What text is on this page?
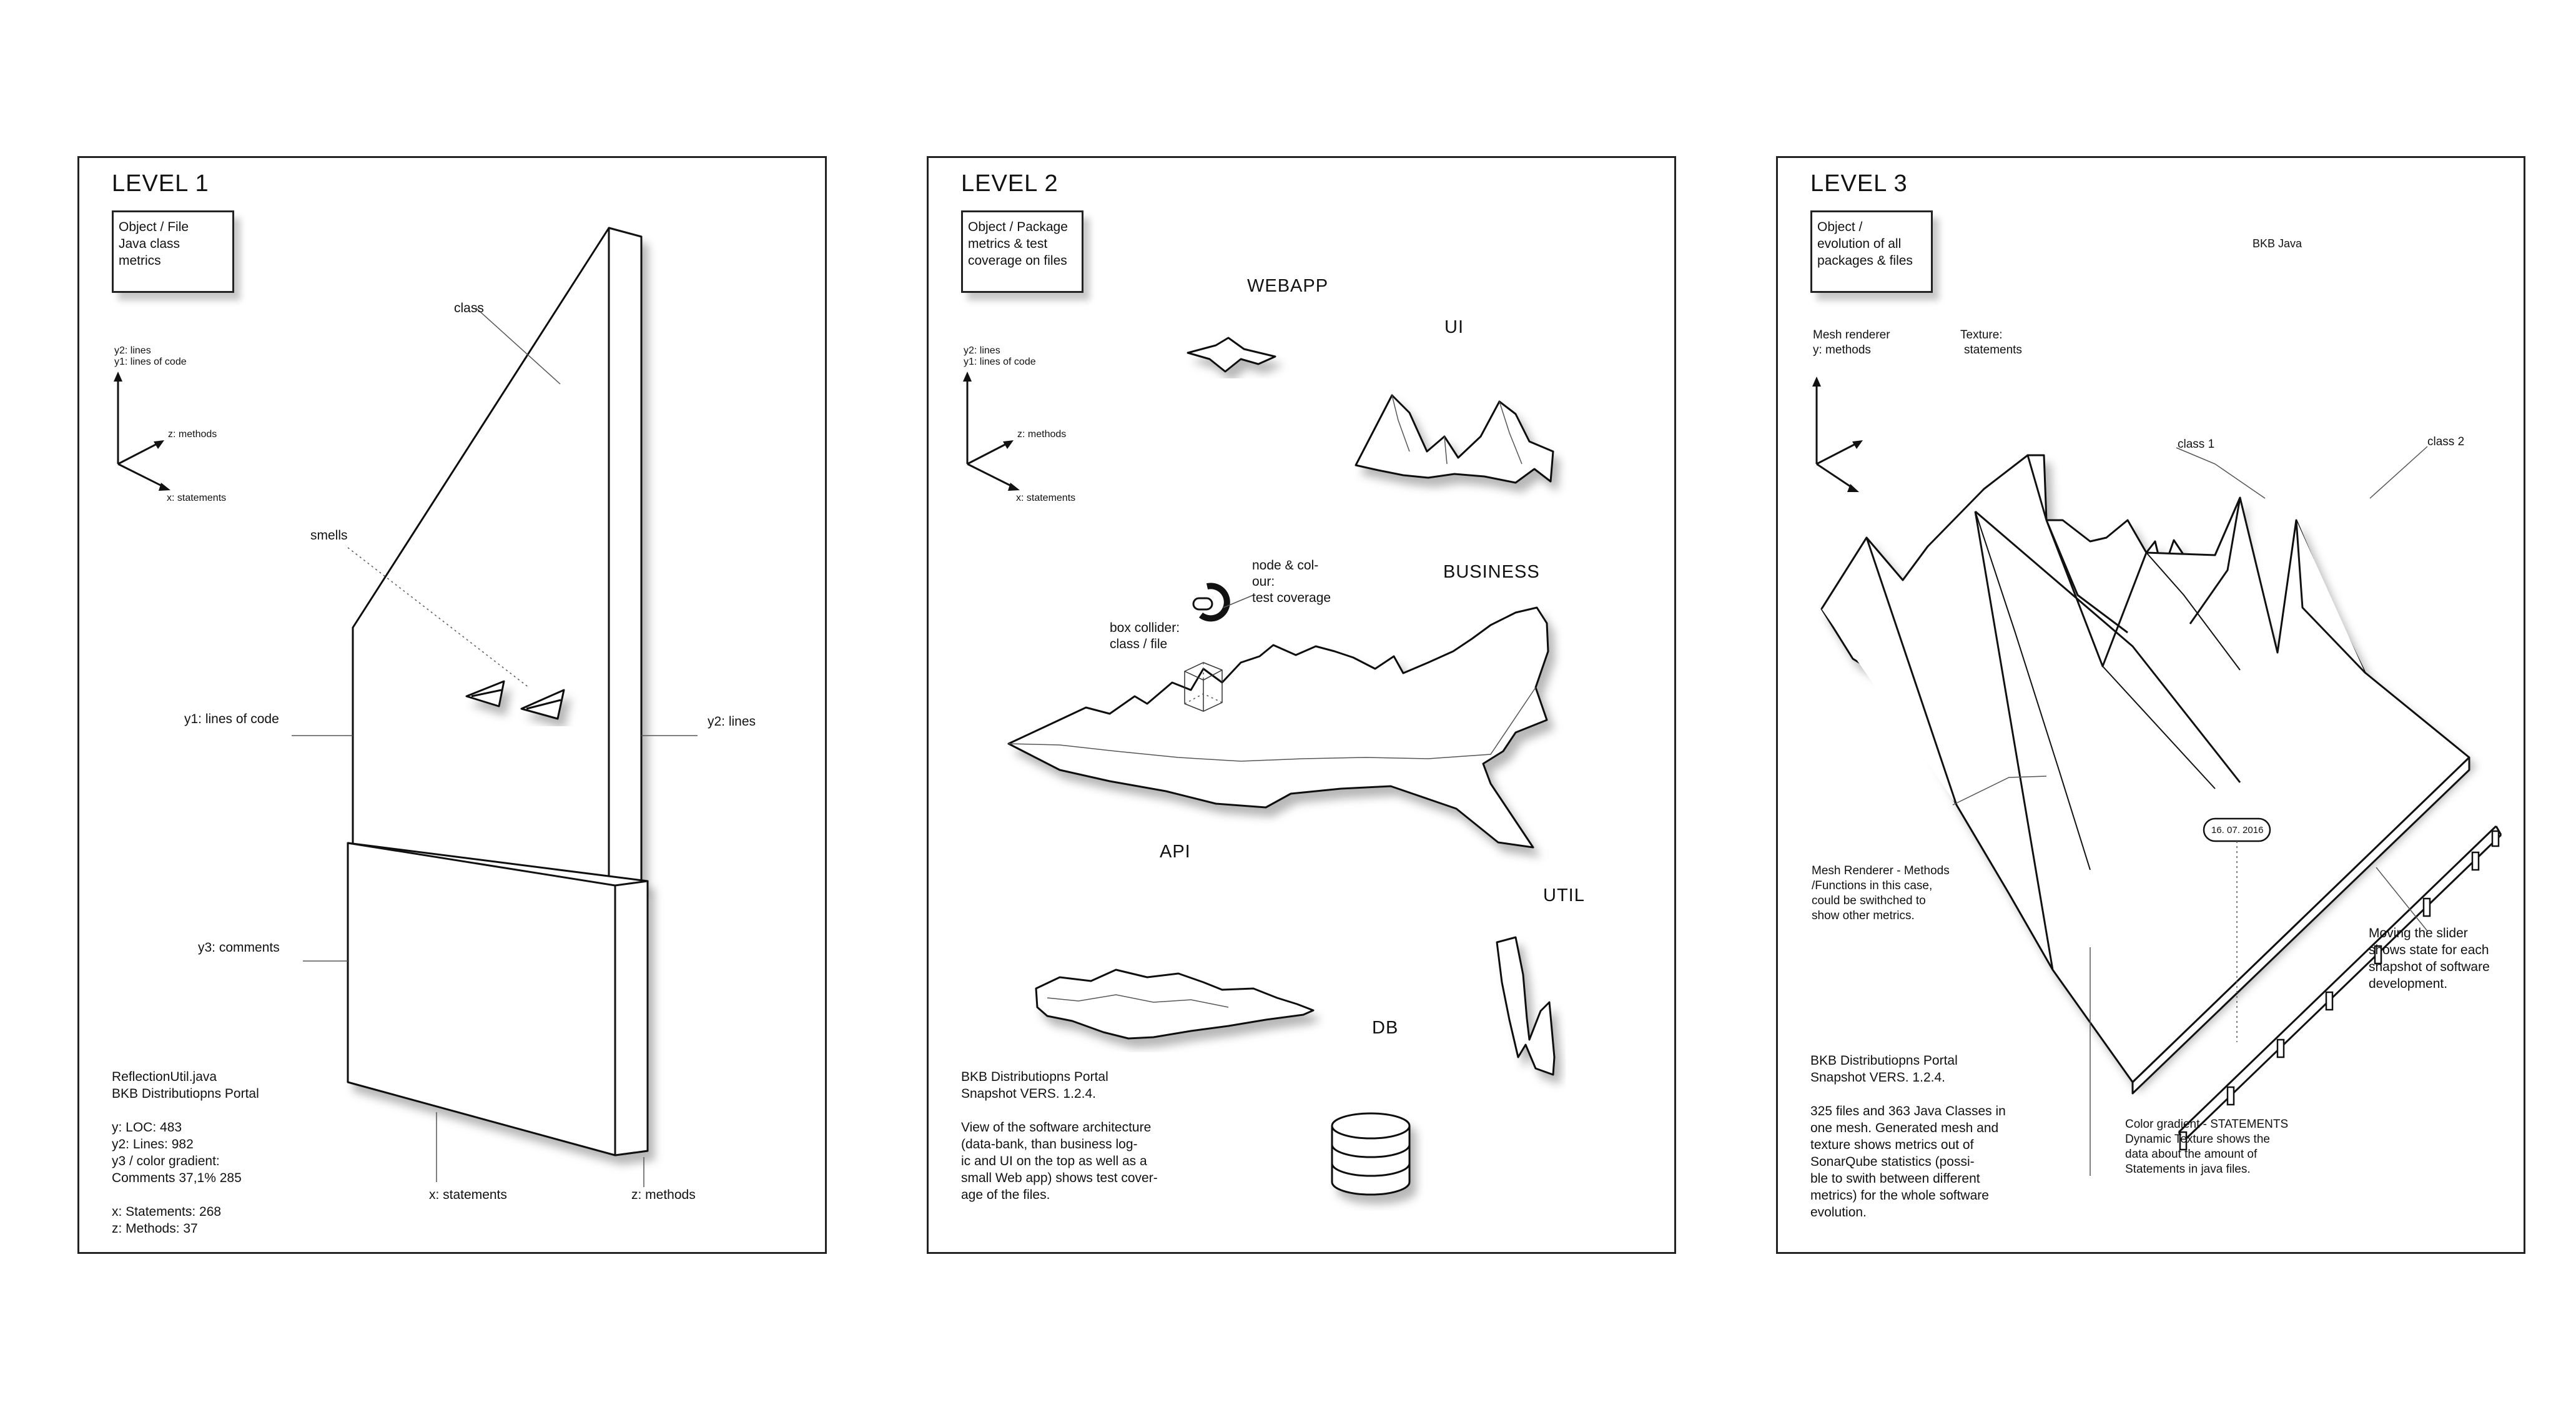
LEVEL 1
Object / File
Java class
metrics
y2: lines
y1: lines of code
z: methods
x: statements
class
smells
y1: lines of code	y2: lines
y3: comments
x: statements	z: methods
ReflectionUtil.java
BKB Distributiopns Portal
y: LOC: 483
y2: Lines: 982
y3 / color gradient:
Comments 37,1% 285
x: Statements: 268
z: Methods: 37
LEVEL 2
Object / Package
metrics & test
coverage on files
y2: lines
y1: lines of code
z: methods
x: statements
WEBAPP
UI
BUSINESS
API
UTIL
DB
node & col-
our:
test coverage
box collider:
class / file
BKB Distributiopns Portal
Snapshot VERS. 1.2.4.
View of the software architecture
(data-bank, than business log-
ic and UI on the top as well as a
small Web app) shows test cover-
age of the files.
LEVEL 3
Object /
evolution of all
packages & files
BKB Java
Mesh renderer
y: methods
Texture:
statements
class 1	class 2
16. 07. 2016
Mesh Renderer - Methods
/Functions in this case,
could be swithched to
show other metrics.
Moving the slider
shows state for each
snapshot of software
development.
Color gradient - STATEMENTS
Dynamic Texture shows the
data about the amount of
Statements in java files.
BKB Distributiopns Portal
Snapshot VERS. 1.2.4.
325 files and 363 Java Classes in
one mesh. Generated mesh and
texture shows metrics out of
SonarQube statistics (possi-
ble to swith between different
metrics) for the whole software
evolution.
